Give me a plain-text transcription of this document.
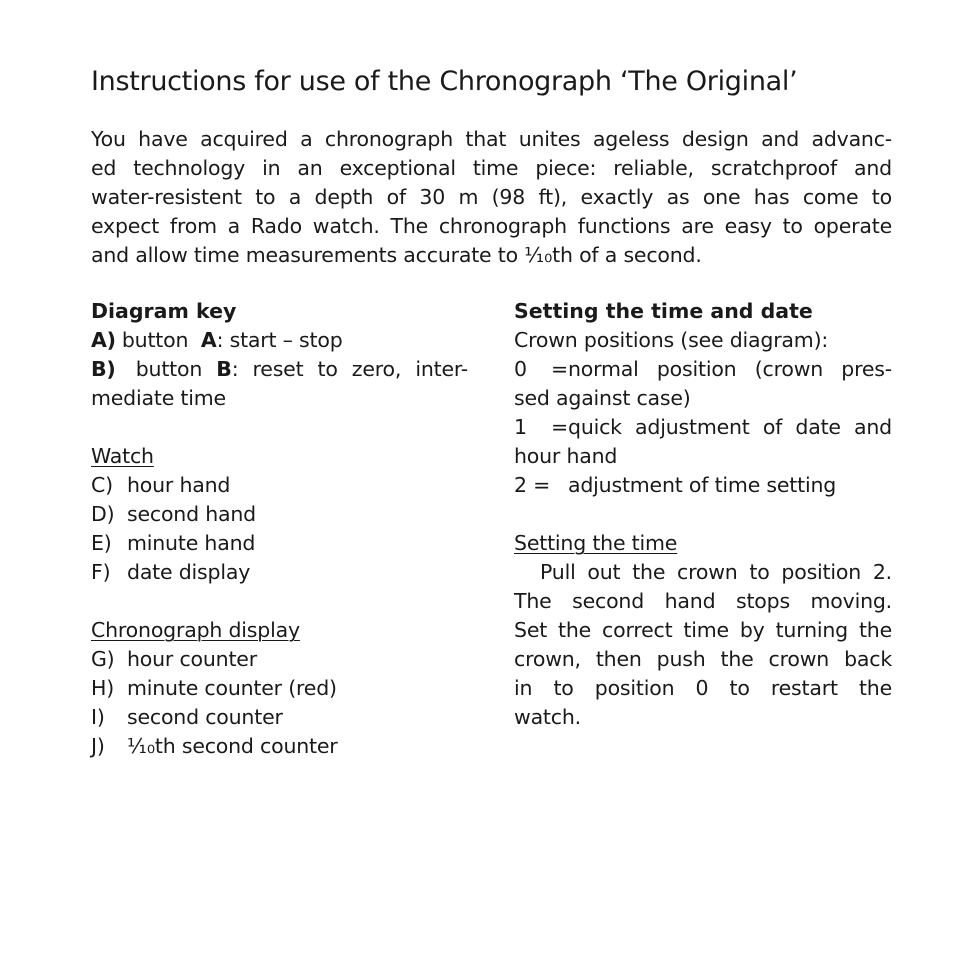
Instructions for use of the Chronograph ‘The Original’
You have acquired a chronograph that unites ageless design and advanc-
ed technology in an exceptional time piece: reliable, scratchproof and
water-resistent to a depth of 30 m (98 ft), exactly as one has come to
expect from a Rado watch. The chronograph functions are easy to operate
and allow time measurements accurate to ⅒th of a second.
Diagram key
A) button A: start – stop
B) button B: reset to zero, inter-
mediate time
Watch
C) hour hand
D) second hand
E) minute hand
F) date display
Chronograph display
G) hour counter
H) minute counter (red)
I) second counter
J) ⅒th second counter
Setting the time and date
Crown positions (see diagram):
0 =normal position (crown pres-
sed against case)
1 =quick adjustment of date and
hour hand
2 = adjustment of time setting
Setting the time
Pull out the crown to position 2.
The second hand stops moving.
Set the correct time by turning the
crown, then push the crown back
in to position 0 to restart the
watch.
